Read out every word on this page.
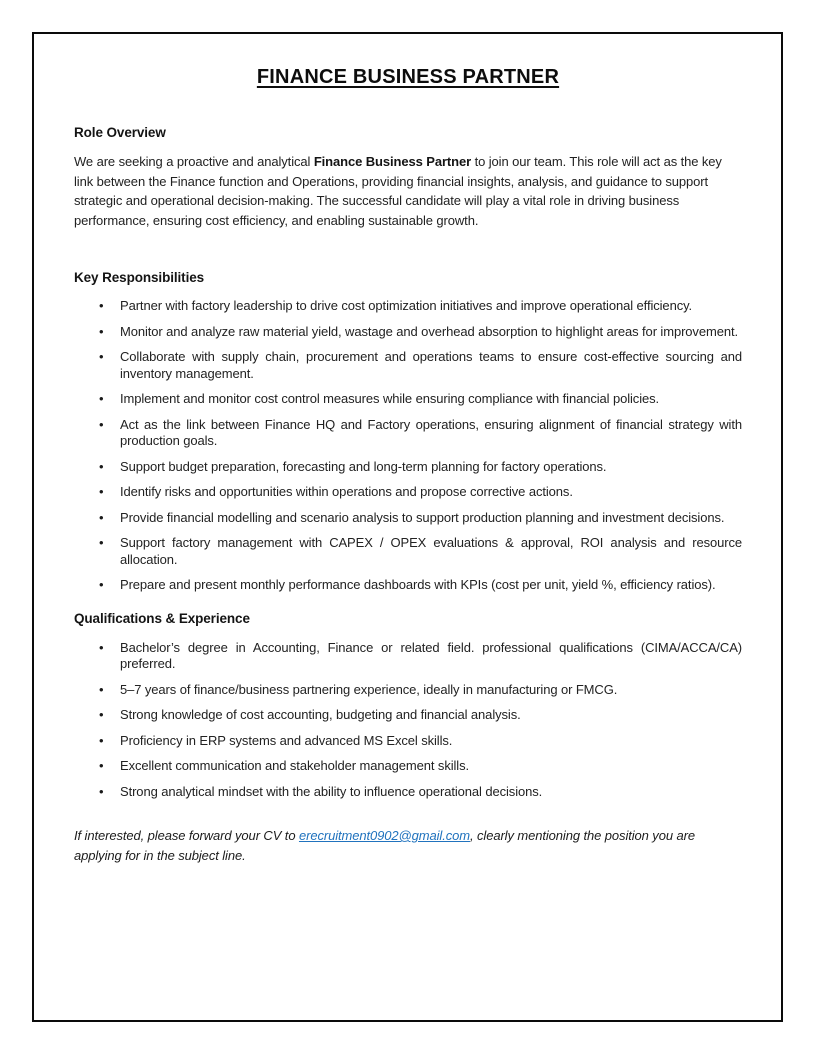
FINANCE BUSINESS PARTNER
Role Overview

We are seeking a proactive and analytical Finance Business Partner to join our team. This role will act as the key link between the Finance function and Operations, providing financial insights, analysis, and guidance to support strategic and operational decision-making. The successful candidate will play a vital role in driving business performance, ensuring cost efficiency, and enabling sustainable growth.

Key Responsibilities
• Partner with factory leadership to drive cost optimization initiatives and improve operational efficiency.
• Monitor and analyze raw material yield, wastage and overhead absorption to highlight areas for improvement.
• Collaborate with supply chain, procurement and operations teams to ensure cost-effective sourcing and inventory management.
• Implement and monitor cost control measures while ensuring compliance with financial policies.
• Act as the link between Finance HQ and Factory operations, ensuring alignment of financial strategy with production goals.
• Support budget preparation, forecasting and long-term planning for factory operations.
• Identify risks and opportunities within operations and propose corrective actions.
• Provide financial modelling and scenario analysis to support production planning and investment decisions.
• Support factory management with CAPEX / OPEX evaluations & approval, ROI analysis and resource allocation.
• Prepare and present monthly performance dashboards with KPIs (cost per unit, yield %, efficiency ratios).
Qualifications & Experience
• Bachelor’s degree in Accounting, Finance or related field. professional qualifications (CIMA/ACCA/CA) preferred.
• 5–7 years of finance/business partnering experience, ideally in manufacturing or FMCG.
• Strong knowledge of cost accounting, budgeting and financial analysis.
• Proficiency in ERP systems and advanced MS Excel skills.
• Excellent communication and stakeholder management skills.
• Strong analytical mindset with the ability to influence operational decisions.

If interested, please forward your CV to erecruitment0902@gmail.com, clearly mentioning the position you are applying for in the subject line.
